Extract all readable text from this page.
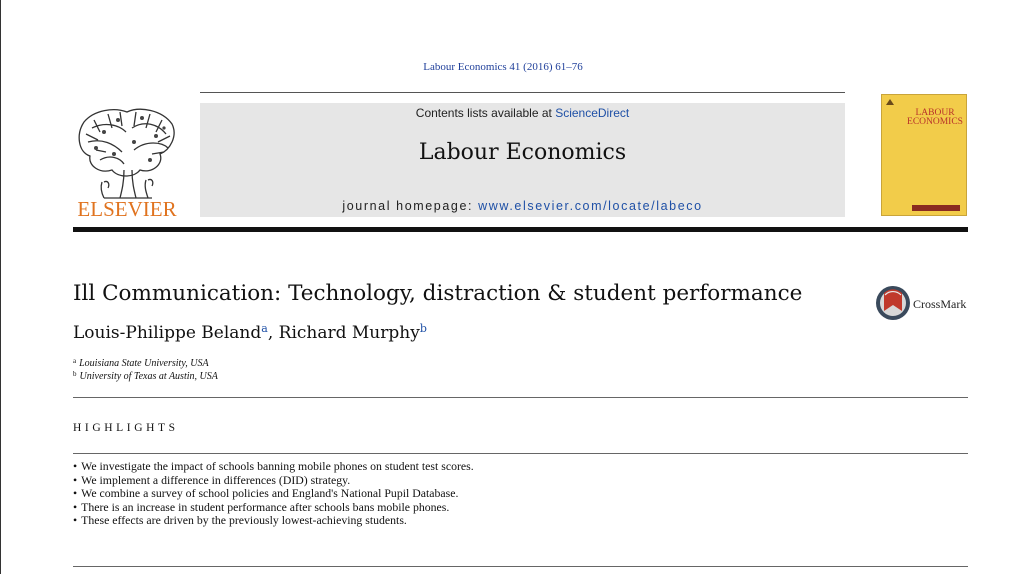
Labour Economics 41 (2016) 61–76
ELSEVIER
Contents lists available at ScienceDirect
Labour Economics
journal homepage: www.elsevier.com/locate/labeco
LABOUR
ECONOMICS
Ill Communication: Technology, distraction & student performance	CrossMark
Louis-Philippe Beland$^a$, Richard Murphy$^b$
$^a$ Louisiana State University, USA
$^b$ University of Texas at Austin, USA
HIGHLIGHTS
• We investigate the impact of schools banning mobile phones on student test scores.
• We implement a difference in differences (DID) strategy.
• We combine a survey of school policies and England's National Pupil Database.
• There is an increase in student performance after schools bans mobile phones.
• These effects are driven by the previously lowest-achieving students.
